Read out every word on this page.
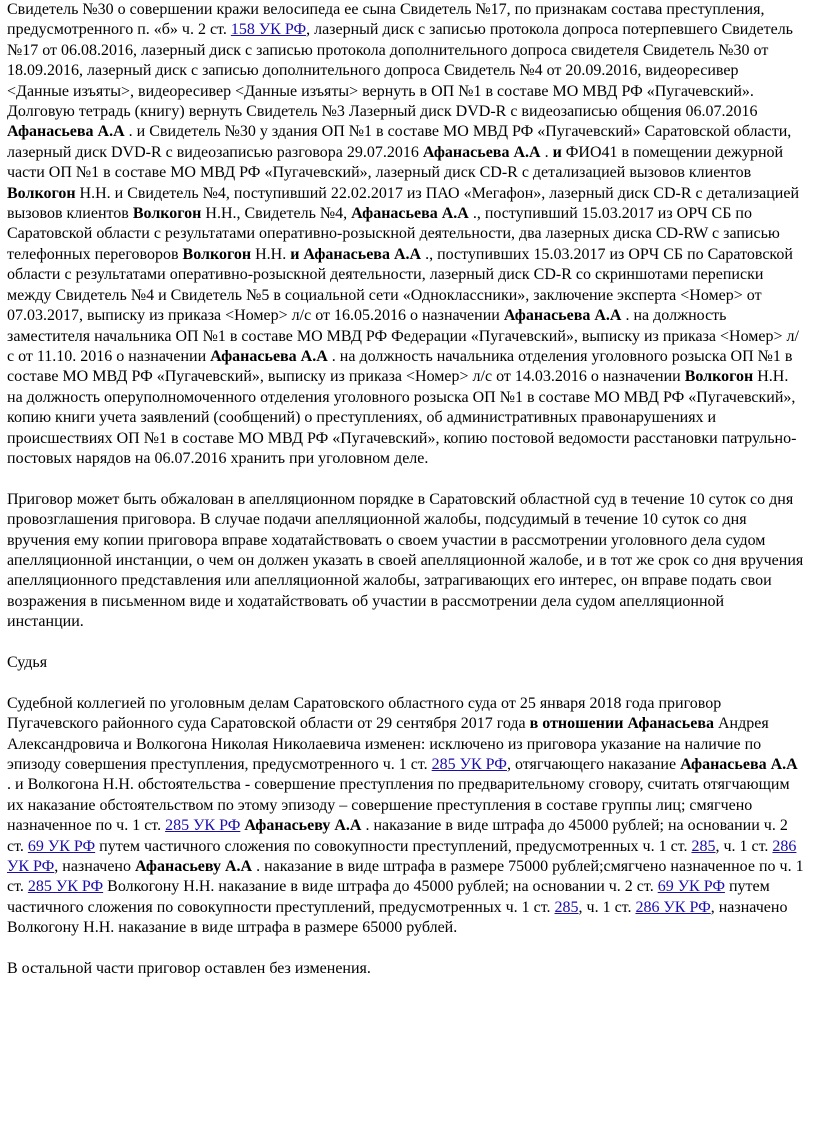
Свидетель №30 о совершении кражи велосипеда ее сына Свидетель №17, по признакам состава преступления, предусмотренного п. «б» ч. 2 ст. 158 УК РФ, лазерный диск с записью протокола допроса потерпевшего Свидетель №17 от 06.08.2016, лазерный диск с записью протокола дополнительного допроса свидетеля Свидетель №30 от 18.09.2016, лазерный диск с записью дополнительного допроса Свидетель №4 от 20.09.2016, видеоресивер <Данные изъяты>, видеоресивер <Данные изъяты> вернуть в ОП №1 в составе МО МВД РФ «Пугачевский». Долговую тетрадь (книгу) вернуть Свидетель №3 Лазерный диск DVD-R с видеозаписью общения 06.07.2016 Афанасьева А.А . и Свидетель №30 у здания ОП №1 в составе МО МВД РФ «Пугачевский» Саратовской области, лазерный диск DVD-R с видеозаписью разговора 29.07.2016 Афанасьева А.А . и ФИО41 в помещении дежурной части ОП №1 в составе МО МВД РФ «Пугачевский», лазерный диск CD-R с детализацией вызовов клиентов Волкогон Н.Н. и Свидетель №4, поступивший 22.02.2017 из ПАО «Мегафон», лазерный диск CD-R с детализацией вызовов клиентов Волкогон Н.Н., Свидетель №4, Афанасьева А.А ., поступивший 15.03.2017 из ОРЧ СБ по Саратовской области с результатами оперативно-розыскной деятельности, два лазерных диска CD-RW с записью телефонных переговоров Волкогон Н.Н. и Афанасьева А.А ., поступивших 15.03.2017 из ОРЧ СБ по Саратовской области с результатами оперативно-розыскной деятельности, лазерный диск CD-R со скриншотами переписки между Свидетель №4 и Свидетель №5 в социальной сети «Одноклассники», заключение эксперта <Номер> от 07.03.2017, выписку из приказа <Номер> л/с от 16.05.2016 о назначении Афанасьева А.А . на должность заместителя начальника ОП №1 в составе МО МВД РФ Федерации «Пугачевский», выписку из приказа <Номер> л/с от 11.10. 2016 о назначении Афанасьева А.А . на должность начальника отделения уголовного розыска ОП №1 в составе МО МВД РФ «Пугачевский», выписку из приказа <Номер> л/с от 14.03.2016 о назначении Волкогон Н.Н. на должность оперуполномоченного отделения уголовного розыска ОП №1 в составе МО МВД РФ «Пугачевский», копию книги учета заявлений (сообщений) о преступлениях, об административных правонарушениях и происшествиях ОП №1 в составе МО МВД РФ «Пугачевский», копию постовой ведомости расстановки патрульно-постовых нарядов на 06.07.2016 хранить при уголовном деле.

Приговор может быть обжалован в апелляционном порядке в Саратовский областной суд в течение 10 суток со дня провозглашения приговора. В случае подачи апелляционной жалобы, подсудимый в течение 10 суток со дня вручения ему копии приговора вправе ходатайствовать о своем участии в рассмотрении уголовного дела судом апелляционной инстанции, о чем он должен указать в своей апелляционной жалобе, и в тот же срок со дня вручения апелляционного представления или апелляционной жалобы, затрагивающих его интерес, он вправе подать свои возражения в письменном виде и ходатайствовать об участии в рассмотрении дела судом апелляционной инстанции.

Судья

Судебной коллегией по уголовным делам Саратовского областного суда от 25 января 2018 года приговор Пугачевского районного суда Саратовской области от 29 сентября 2017 года в отношении Афанасьева Андрея Александровича и Волкогона Николая Николаевича изменен: исключено из приговора указание на наличие по эпизоду совершения преступления, предусмотренного ч. 1 ст. 285 УК РФ, отягчающего наказание Афанасьева А.А . и Волкогона Н.Н. обстоятельства - совершение преступления по предварительному сговору, считать отягчающим их наказание обстоятельством по этому эпизоду – совершение преступления в составе группы лиц; смягчено назначенное по ч. 1 ст. 285 УК РФ Афанасьеву А.А . наказание в виде штрафа до 45000 рублей; на основании ч. 2 ст. 69 УК РФ путем частичного сложения по совокупности преступлений, предусмотренных ч. 1 ст. 285, ч. 1 ст. 286 УК РФ, назначено Афанасьеву А.А . наказание в виде штрафа в размере 75000 рублей;смягчено назначенное по ч. 1 ст. 285 УК РФ Волкогону Н.Н. наказание в виде штрафа до 45000 рублей; на основании ч. 2 ст. 69 УК РФ путем частичного сложения по совокупности преступлений, предусмотренных ч. 1 ст. 285, ч. 1 ст. 286 УК РФ, назначено Волкогону Н.Н. наказание в виде штрафа в размере 65000 рублей.

В остальной части приговор оставлен без изменения.
